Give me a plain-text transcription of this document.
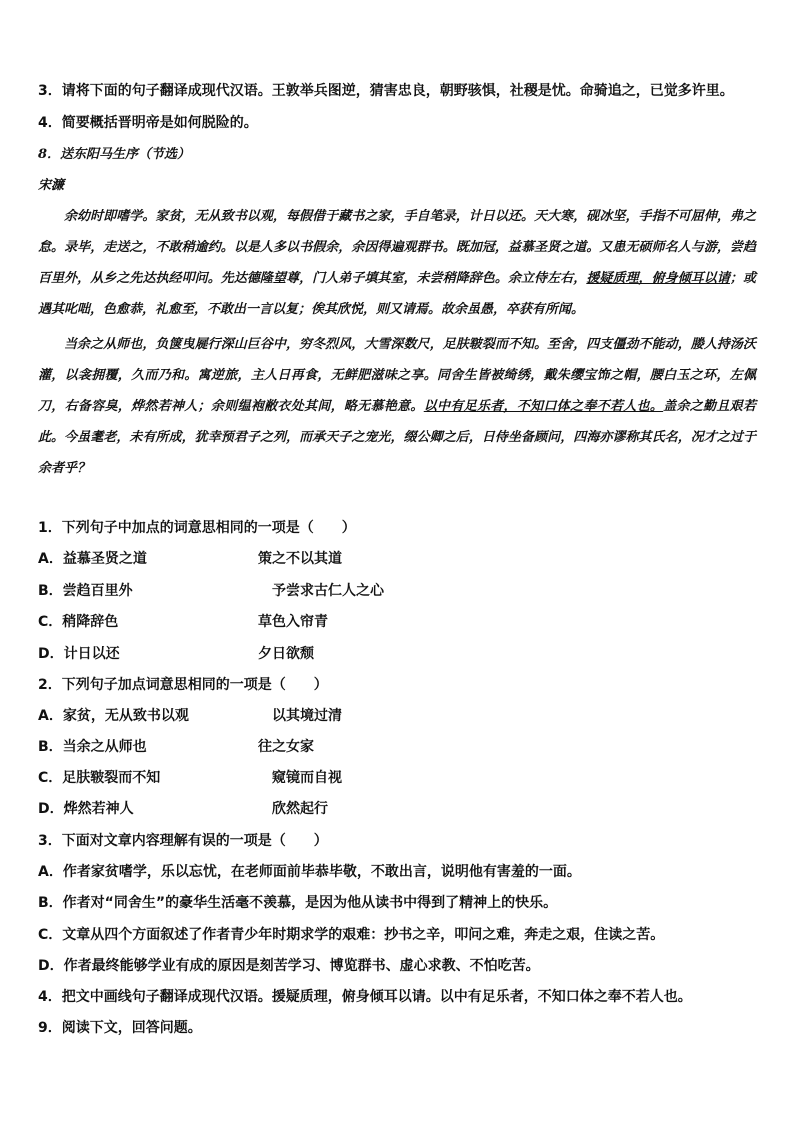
3．请将下面的句子翻译成现代汉语。王敦举兵图逆，猜害忠良，朝野骇惧，社稷是忧。命骑追之，已觉多许里。
4．简要概括晋明帝是如何脱险的。
8．送东阳马生序（节选）
宋濂

余幼时即嗜学。家贫，无从致书以观，每假借于藏书之家，手自笔录，计日以还。天大寒，砚冰坚，手指不可屈伸，弗之怠。录毕，走送之，不敢稍逾约。以是人多以书假余，余因得遍观群书。既加冠，益慕圣贤之道。又患无硕师名人与游，尝趋百里外，从乡之先达执经叩问。先达德隆望尊，门人弟子填其室，未尝稍降辞色。余立侍左右，援疑质理，俯身倾耳以请；或遇其叱咄，色愈恭，礼愈至，不敢出一言以复；俟其欣悦，则又请焉。故余虽愚，卒获有所闻。

当余之从师也，负箧曳屣行深山巨谷中，穷冬烈风，大雪深数尺，足肤皲裂而不知。至舍，四支僵劲不能动，媵人持汤沃灌，以衾拥覆，久而乃和。寓逆旅，主人日再食，无鲜肥滋味之享。同舍生皆被绮绣，戴朱缨宝饰之帽，腰白玉之环，左佩刀，右备容臭，烨然若神人；余则缊袍敝衣处其间，略无慕艳意。以中有足乐者，不知口体之奉不若人也。盖余之勤且艰若此。今虽耄老，未有所成，犹幸预君子之列，而承天子之宠光，缀公卿之后，日侍坐备顾问，四海亦谬称其氏名，况才之过于余者乎？

1．下列句子中加点的词意思相同的一项是（　　）
A．益慕圣贤之道	策之不以其道
B．尝趋百里外	予尝求古仁人之心
C．稍降辞色	草色入帘青
D．计日以还	夕日欲颓
2．下列句子加点词意思相同的一项是（　　）
A．家贫，无从致书以观	以其境过清
B．当余之从师也	往之女家
C．足肤皲裂而不知	窥镜而自视
D．烨然若神人	欣然起行
3．下面对文章内容理解有误的一项是（　　）
A．作者家贫嗜学，乐以忘忧，在老师面前毕恭毕敬，不敢出言，说明他有害羞的一面。
B．作者对“同舍生”的豪华生活毫不羡慕，是因为他从读书中得到了精神上的快乐。
C．文章从四个方面叙述了作者青少年时期求学的艰难：抄书之辛，叩问之难，奔走之艰，住读之苦。
D．作者最终能够学业有成的原因是刻苦学习、博览群书、虚心求教、不怕吃苦。
4．把文中画线句子翻译成现代汉语。援疑质理，俯身倾耳以请。以中有足乐者，不知口体之奉不若人也。
9．阅读下文，回答问题。
